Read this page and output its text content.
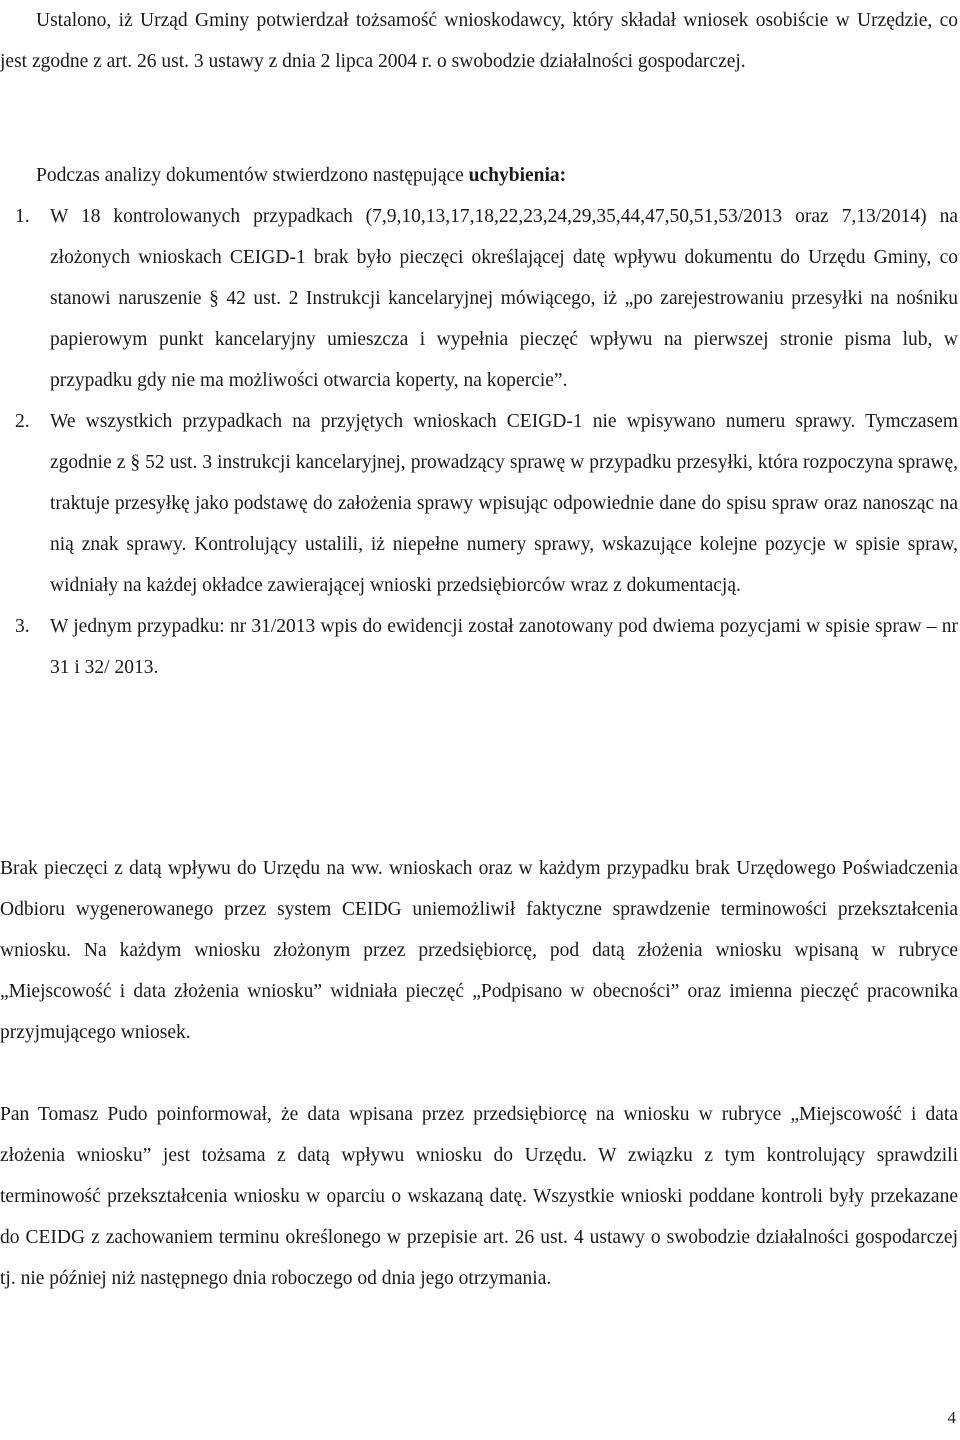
Ustalono, iż Urząd Gminy potwierdzał tożsamość wnioskodawcy, który składał wniosek osobiście w Urzędzie, co jest zgodne z art. 26 ust. 3 ustawy z dnia 2 lipca 2004 r. o swobodzie działalności gospodarczej.

Podczas analizy dokumentów stwierdzono następujące uchybienia:

1. W 18 kontrolowanych przypadkach (7,9,10,13,17,18,22,23,24,29,35,44,47,50,51,53/2013 oraz 7,13/2014) na złożonych wnioskach CEIGD-1 brak było pieczęci określającej datę wpływu dokumentu do Urzędu Gminy, co stanowi naruszenie § 42 ust. 2 Instrukcji kancelaryjnej mówiącego, iż „po zarejestrowaniu przesyłki na nośniku papierowym punkt kancelaryjny umieszcza i wypełnia pieczęć wpływu na pierwszej stronie pisma lub, w przypadku gdy nie ma możliwości otwarcia koperty, na kopercie”.
2. We wszystkich przypadkach na przyjętych wnioskach CEIGD-1 nie wpisywano numeru sprawy. Tymczasem zgodnie z § 52 ust. 3 instrukcji kancelaryjnej, prowadzący sprawę w przypadku przesyłki, która rozpoczyna sprawę, traktuje przesyłkę jako podstawę do założenia sprawy wpisując odpowiednie dane do spisu spraw oraz nanosząc na nią znak sprawy. Kontrolujący ustalili, iż niepełne numery sprawy, wskazujące kolejne pozycje w spisie spraw, widniały na każdej okładce zawierającej wnioski przedsiębiorców wraz z dokumentacją.
3. W jednym przypadku: nr 31/2013 wpis do ewidencji został zanotowany pod dwiema pozycjami w spisie spraw – nr 31 i 32/ 2013.

Brak pieczęci z datą wpływu do Urzędu na ww. wnioskach oraz w każdym przypadku brak Urzędowego Poświadczenia Odbioru wygenerowanego przez system CEIDG uniemożliwił faktyczne sprawdzenie terminowości przekształcenia wniosku. Na każdym wniosku złożonym przez przedsiębiorcę, pod datą złożenia wniosku wpisaną w rubryce „Miejscowość i data złożenia wniosku” widniała pieczęć „Podpisano w obecności” oraz imienna pieczęć pracownika przyjmującego wniosek.

Pan Tomasz Pudo poinformował, że data wpisana przez przedsiębiorcę na wniosku w rubryce „Miejscowość i data złożenia wniosku” jest tożsama z datą wpływu wniosku do Urzędu. W związku z tym kontrolujący sprawdzili terminowość przekształcenia wniosku w oparciu o wskazaną datę. Wszystkie wnioski poddane kontroli były przekazane do CEIDG z zachowaniem terminu określonego w przepisie art. 26 ust. 4 ustawy o swobodzie działalności gospodarczej tj. nie później niż następnego dnia roboczego od dnia jego otrzymania.

4
